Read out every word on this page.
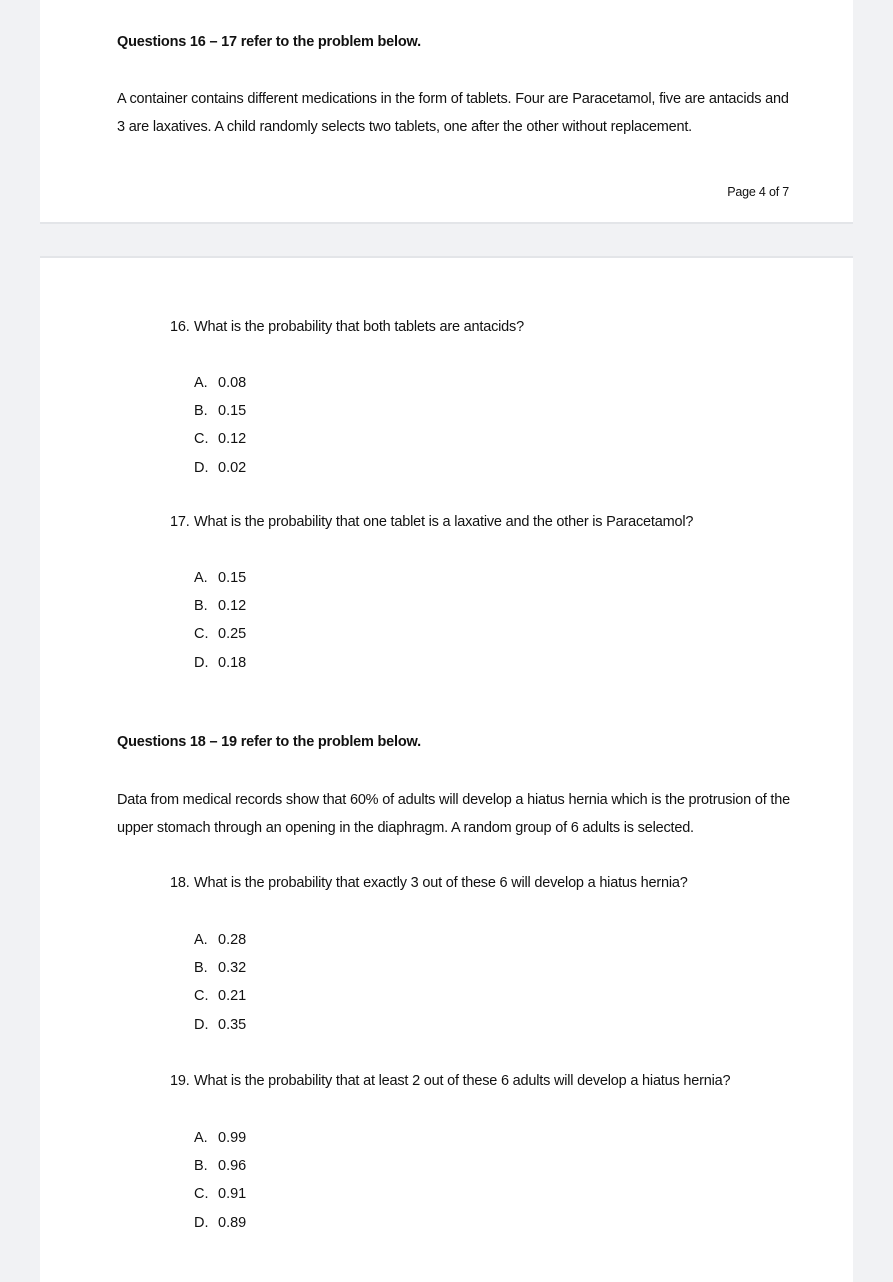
Questions 16 – 17 refer to the problem below.

A container contains different medications in the form of tablets. Four are Paracetamol, five are antacids and 3 are laxatives. A child randomly selects two tablets, one after the other without replacement.

Page 4 of 7

16. What is the probability that both tablets are antacids?

A. 0.08
B. 0.15
C. 0.12
D. 0.02

17. What is the probability that one tablet is a laxative and the other is Paracetamol?

A. 0.15
B. 0.12
C. 0.25
D. 0.18

Questions 18 – 19 refer to the problem below.

Data from medical records show that 60% of adults will develop a hiatus hernia which is the protrusion of the upper stomach through an opening in the diaphragm. A random group of 6 adults is selected.

18. What is the probability that exactly 3 out of these 6 will develop a hiatus hernia?

A. 0.28
B. 0.32
C. 0.21
D. 0.35

19. What is the probability that at least 2 out of these 6 adults will develop a hiatus hernia?

A. 0.99
B. 0.96
C. 0.91
D. 0.89
